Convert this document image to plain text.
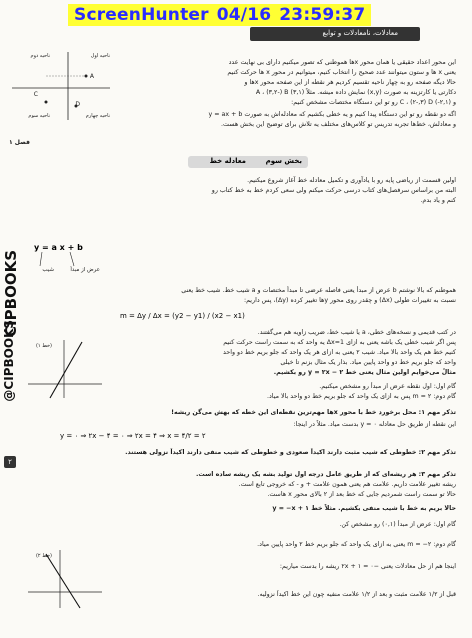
ScreenHunter 04/16 23:59:37
معادلات، نامعادلات و توابع
این محور اعداد حقیقی یا همان محور xها هموطنی که تصور میکنیم دارای بی نهایت عدد
یعنی x ها و ستون میتوانند عدد صحیح را انتخاب کنیم، میتوانیم در محور x ها حرکت کنیم
حالا دیگه صفحه رو به چهار ناحیه تقسیم کردیم هر نقطه از این صفحه محور xها و
دکارتی یا کارتزینه به صورت (x,y) نمایش داده میشه. مثلاً (۳,۱) A ، (۳,۲-) B
و (۲,۱-) C ، (۲-,۳) D رو تو این دستگاه مختصات مشخص کنیم:
اگه دو نقطه رو تو این دستگاه پیدا کنیم و یه خطی بکشیم که معادله‌اش به صورت y = ax + b
و معادلش، خط‌ها تجربه تدریس تو کلاس‌های مختلف یه تلاش برای توضیح این بخش هست.
ناحیه اول
ناحیه دوم
ناحیه سوم	ناحیه چهارم
C
A
D
فصل ۱
بخش سوم
معادله خط
اولین قسمت از ریاضی پایه رو با یادآوری و تکمیل معادله خط آغاز شروع میکنیم.
البته من براساس سرفصل‌های کتاب درسی حرکت میکنم ولی سعی کردم خط به خط کتاب رو
کنم و یاد بدم.
y = a x + b
شیب	عرض از مبدأ
هموطنم که بالا نوشتم b عرض از مبدأ یعنی فاصله عرضی تا مبدأ مختصات و a شیب خط. شیب خط یعنی
نسبت به تغییرات طولی (Δx) و چقدر روی محور yها تغییر کرده (Δy)، پس داریم:
m = Δy / Δx = (y2 − y1) / (x2 − x1)
در کتب قدیمی و نسخه‌های خطی، a یا شیب خط، ضریب زاویه هم می‌گفتند.
پس اگر شیب خطی یک باشه یعنی به ازای Δx=1 یه واحد که به سمت راست حرکت کنیم
کنیم خط هم یک واحد بالا میاد. شیب ۲ یعنی به ازای هر یک واحد که جلو بریم خط دو واحد
واحد که جلو بریم خط دو واحد پایین میاد. بذار یک مثال بزنم تا خیلی
مثالً می‌خوایم اولین مثال یعنی خط y = ۲x − ۲ رو بکشیم.
(خط ۱)
گام اول: اول نقطه عرض از مبدأ رو مشخص میکنیم.
گام دوم: m = ۲ پس به ازای یک واحد که جلو بریم خط دو واحد بالا میاد.
تذکر مهم ۱: محل برخورد خط با محور xها مهم‌ترین نقطه‌ای این خطه که بهش می‌گن ریشه!
این نقطه از طریق حل معادله y = ۰ بدست میاد. مثلاً در اینجا:
y = ۰ ⇒ ۲x − ۴ = ۰ ⇒ ۲x = ۴ ⇒ x = ۴/۲ = ۲
تذکر مهم ۲: خطوطی که شیب مثبت دارند اکیداً صعودی و خطوطی که شیب منفی دارند اکیداً نزولی هستند.
تذکر مهم ۳: هر ریشه‌ای که از طریق عامل درجه اول تولید بشه یک ریشه ساده است.
ریشه تغییر علامت داریم. علامت هم یعنی همون علامت + و - که خروجی تابع است.
حالا تو سمت راست شمردیم جایی که خط بعد از ۲ بالای محور x هاست.
حالا بریم به خط با شیب منفی بکشیم. مثلاً خط y = −x + ۱
(خط ۲)
گام اول: عرض از مبدأ (۰,۱) رو مشخص کن.
گام دوم: m = −۲ یعنی به ازای یک واحد که جلو بریم خط ۲ واحد پایین میاد.
اینجا هم از حل معادلات یعنی −۲x + ۱ = ۰ ریشه را بدست میاریم:
قبل از ۱/۲ علامت مثبت و بعد از ۱/۲ علامت منفیه چون این خط اکیداً نزولیه.
CIPBOOKS
@CIPBOOKS
۲
